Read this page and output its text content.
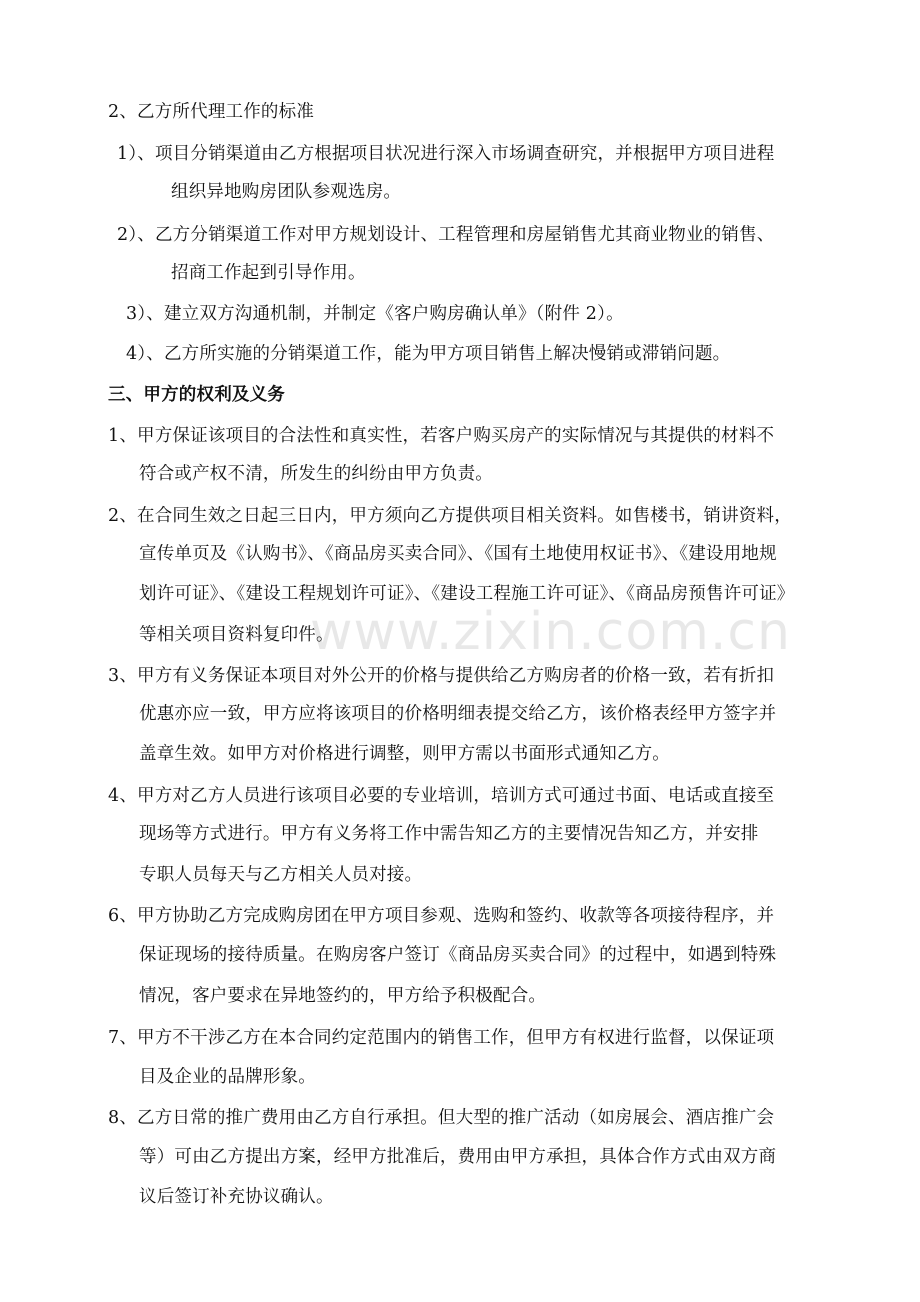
www.zixin.com.cn
2、乙方所代理工作的标准
1）、项目分销渠道由乙方根据项目状况进行深入市场调查研究，并根据甲方项目进程
组织异地购房团队参观选房。
2）、乙方分销渠道工作对甲方规划设计、工程管理和房屋销售尤其商业物业的销售、
招商工作起到引导作用。
3）、建立双方沟通机制，并制定《客户购房确认单》（附件 2）。
4）、乙方所实施的分销渠道工作，能为甲方项目销售上解决慢销或滞销问题。
三、甲方的权利及义务
1、甲方保证该项目的合法性和真实性，若客户购买房产的实际情况与其提供的材料不
符合或产权不清，所发生的纠纷由甲方负责。
2、在合同生效之日起三日内，甲方须向乙方提供项目相关资料。如售楼书，销讲资料，
宣传单页及《认购书》、《商品房买卖合同》、《国有土地使用权证书》、《建设用地规
划许可证》、《建设工程规划许可证》、《建设工程施工许可证》、《商品房预售许可证》
等相关项目资料复印件。
3、甲方有义务保证本项目对外公开的价格与提供给乙方购房者的价格一致，若有折扣
优惠亦应一致，甲方应将该项目的价格明细表提交给乙方，该价格表经甲方签字并
盖章生效。如甲方对价格进行调整，则甲方需以书面形式通知乙方。
4、甲方对乙方人员进行该项目必要的专业培训，培训方式可通过书面、电话或直接至
现场等方式进行。甲方有义务将工作中需告知乙方的主要情况告知乙方，并安排
专职人员每天与乙方相关人员对接。
6、甲方协助乙方完成购房团在甲方项目参观、选购和签约、收款等各项接待程序，并
保证现场的接待质量。在购房客户签订《商品房买卖合同》的过程中，如遇到特殊
情况，客户要求在异地签约的，甲方给予积极配合。
7、甲方不干涉乙方在本合同约定范围内的销售工作，但甲方有权进行监督，以保证项
目及企业的品牌形象。
8、乙方日常的推广费用由乙方自行承担。但大型的推广活动（如房展会、酒店推广会
等）可由乙方提出方案，经甲方批准后，费用由甲方承担，具体合作方式由双方商
议后签订补充协议确认。
